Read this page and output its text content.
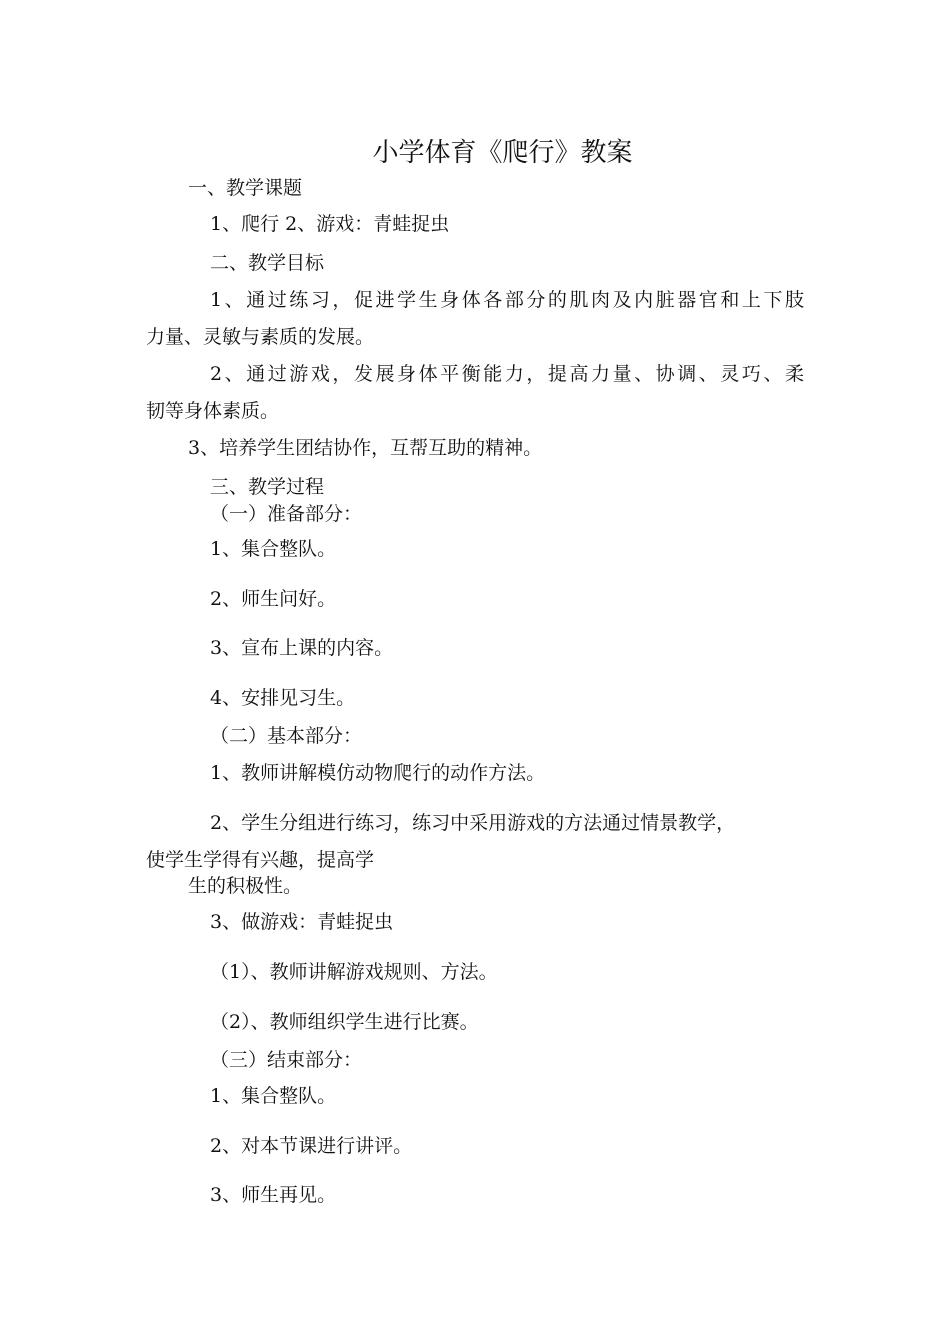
小学体育《爬行》教案
一、教学课题
1、爬行 2、游戏：青蛙捉虫
二、教学目标
1、通过练习，促进学生身体各部分的肌肉及内脏器官和上下肢
力量、灵敏与素质的发展。
2、通过游戏，发展身体平衡能力，提高力量、协调、灵巧、柔
韧等身体素质。
3、培养学生团结协作，互帮互助的精神。
三、教学过程
（一）准备部分：
1、集合整队。
2、师生问好。
3、宣布上课的内容。
4、安排见习生。
（二）基本部分：
1、教师讲解模仿动物爬行的动作方法。
2、学生分组进行练习，练习中采用游戏的方法通过情景教学，
使学生学得有兴趣，提高学
生的积极性。
3、做游戏：青蛙捉虫
（1）、教师讲解游戏规则、方法。
（2）、教师组织学生进行比赛。
（三）结束部分：
1、集合整队。
2、对本节课进行讲评。
3、师生再见。
